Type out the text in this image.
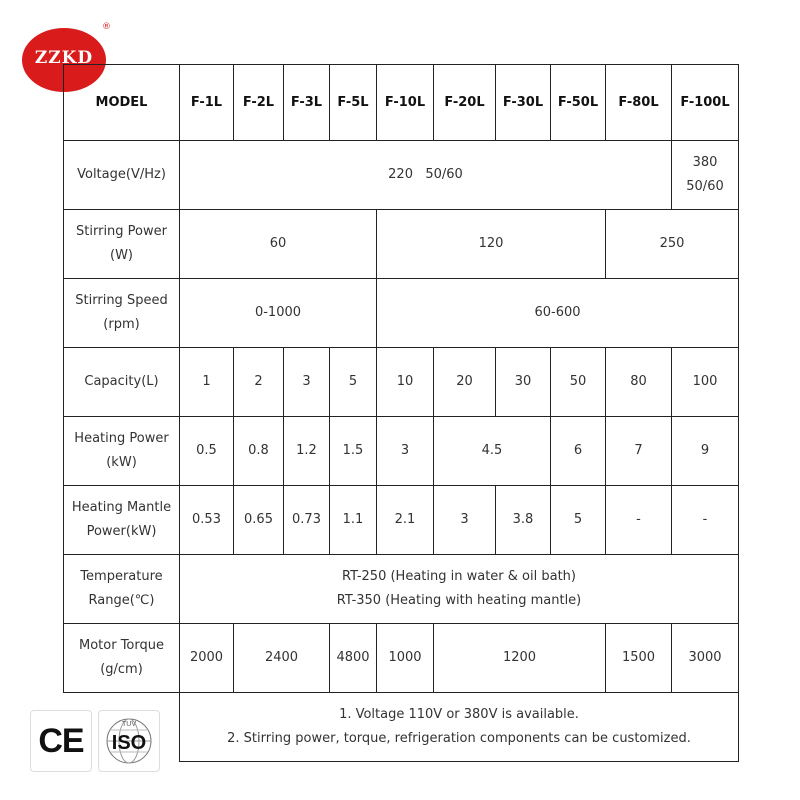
ZZKD
®
MODEL	F-1L	F-2L	F-3L	F-5L	F-10L	F-20L	F-30L	F-50L	F-80L	F-100L
Voltage(V/Hz)	220   50/60									380
50/60
Stirring Power
(W)	60				120				250	
Stirring Speed
(rpm)	0-1000				60-600					
Capacity(L)	1	2	3	5	10	20	30	50	80	100
Heating Power
(kW)	0.5	0.8	1.2	1.5	3	4.5		6	7	9
Heating Mantle
Power(kW)	0.53	0.65	0.73	1.1	2.1	3	3.8	5	-	-
Temperature
Range(℃)	RT-250 (Heating in water & oil bath)
RT-350 (Heating with heating mantle)									
Motor Torque
(g/cm)	2000	2400		4800	1000	1200			1500	3000
	1. Voltage 110V or 380V is available.
2. Stirring power, torque, refrigeration components can be customized.									
CE	TUV
ISO
